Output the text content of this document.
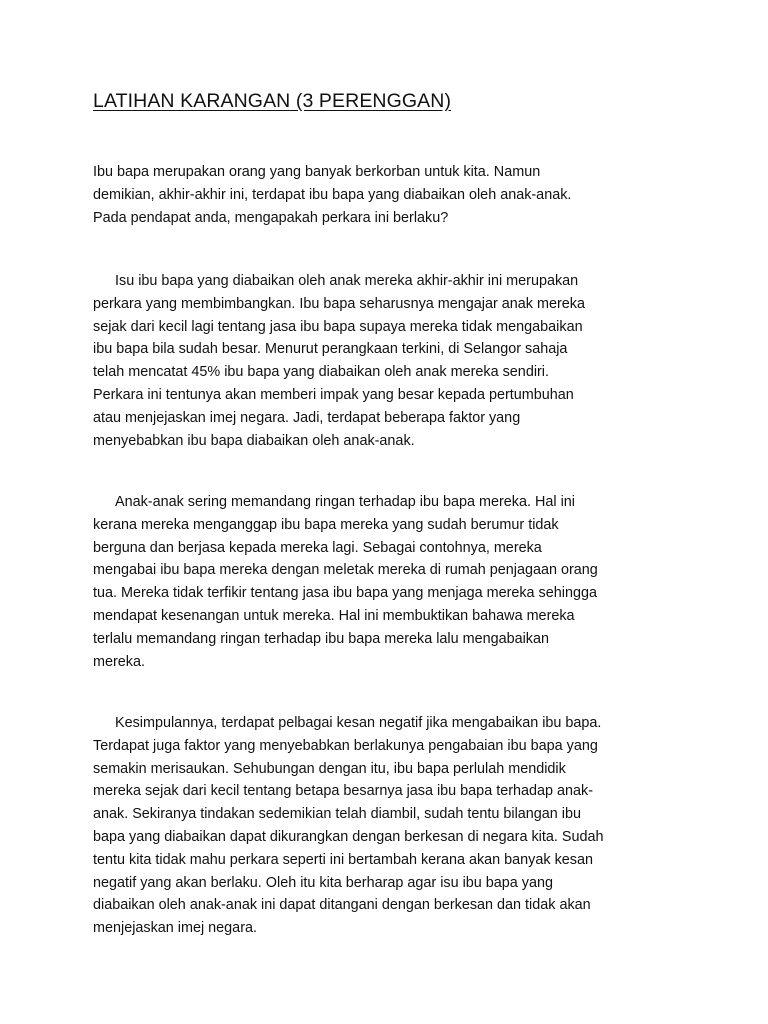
LATIHAN KARANGAN (3 PERENGGAN)
Ibu bapa merupakan orang yang banyak berkorban untuk kita. Namun
demikian, akhir-akhir ini, terdapat ibu bapa yang diabaikan oleh anak-anak.
Pada pendapat anda, mengapakah perkara ini berlaku?
Isu ibu bapa yang diabaikan oleh anak mereka akhir-akhir ini merupakan
perkara yang membimbangkan. Ibu bapa seharusnya mengajar anak mereka
sejak dari kecil lagi tentang jasa ibu bapa supaya mereka tidak mengabaikan
ibu bapa bila sudah besar. Menurut perangkaan terkini, di Selangor sahaja
telah mencatat 45% ibu bapa yang diabaikan oleh anak mereka sendiri.
Perkara ini tentunya akan memberi impak yang besar kepada pertumbuhan
atau menjejaskan imej negara. Jadi, terdapat beberapa faktor yang
menyebabkan ibu bapa diabaikan oleh anak-anak.
Anak-anak sering memandang ringan terhadap ibu bapa mereka. Hal ini
kerana mereka menganggap ibu bapa mereka yang sudah berumur tidak
berguna dan berjasa kepada mereka lagi. Sebagai contohnya, mereka
mengabai ibu bapa mereka dengan meletak mereka di rumah penjagaan orang
tua. Mereka tidak terfikir tentang jasa ibu bapa yang menjaga mereka sehingga
mendapat kesenangan untuk mereka. Hal ini membuktikan bahawa mereka
terlalu memandang ringan terhadap ibu bapa mereka lalu mengabaikan
mereka.
Kesimpulannya, terdapat pelbagai kesan negatif jika mengabaikan ibu bapa.
Terdapat juga faktor yang menyebabkan berlakunya pengabaian ibu bapa yang
semakin merisaukan. Sehubungan dengan itu, ibu bapa perlulah mendidik
mereka sejak dari kecil tentang betapa besarnya jasa ibu bapa terhadap anak-
anak. Sekiranya tindakan sedemikian telah diambil, sudah tentu bilangan ibu
bapa yang diabaikan dapat dikurangkan dengan berkesan di negara kita. Sudah
tentu kita tidak mahu perkara seperti ini bertambah kerana akan banyak kesan
negatif yang akan berlaku. Oleh itu kita berharap agar isu ibu bapa yang
diabaikan oleh anak-anak ini dapat ditangani dengan berkesan dan tidak akan
menjejaskan imej negara.
